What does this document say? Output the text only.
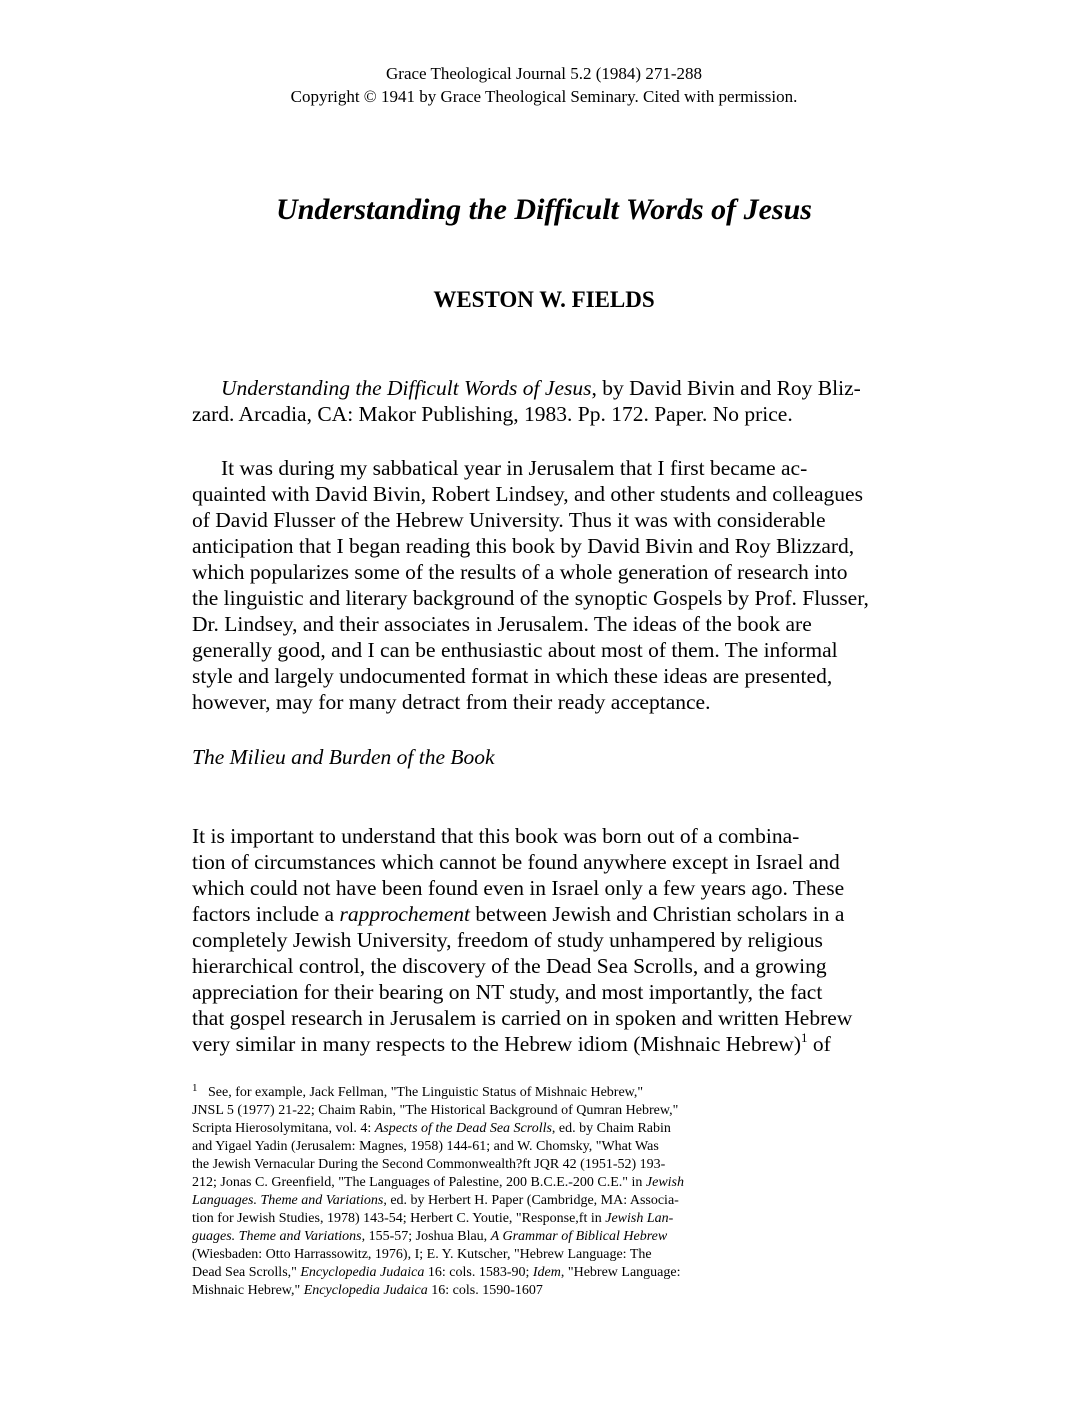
Grace Theological Journal 5.2 (1984) 271-288
Copyright © 1941 by Grace Theological Seminary. Cited with permission.
Understanding the Difficult Words of Jesus
WESTON W. FIELDS
Understanding the Difficult Words of Jesus, by David Bivin and Roy Bliz-
zard. Arcadia, CA: Makor Publishing, 1983. Pp. 172. Paper. No price.
It was during my sabbatical year in Jerusalem that I first became ac-
quainted with David Bivin, Robert Lindsey, and other students and colleagues
of David Flusser of the Hebrew University. Thus it was with considerable
anticipation that I began reading this book by David Bivin and Roy Blizzard,
which popularizes some of the results of a whole generation of research into
the linguistic and literary background of the synoptic Gospels by Prof. Flusser,
Dr. Lindsey, and their associates in Jerusalem. The ideas of the book are
generally good, and I can be enthusiastic about most of them. The informal
style and largely undocumented format in which these ideas are presented,
however, may for many detract from their ready acceptance.
The Milieu and Burden of the Book
It is important to understand that this book was born out of a combina-
tion of circumstances which cannot be found anywhere except in Israel and
which could not have been found even in Israel only a few years ago. These
factors include a rapprochement between Jewish and Christian scholars in a
completely Jewish University, freedom of study unhampered by religious
hierarchical control, the discovery of the Dead Sea Scrolls, and a growing
appreciation for their bearing on NT study, and most importantly, the fact
that gospel research in Jerusalem is carried on in spoken and written Hebrew
very similar in many respects to the Hebrew idiom (Mishnaic Hebrew)$^1$ of
$^1$ See, for example, Jack Fellman, "The Linguistic Status of Mishnaic Hebrew,"
JNSL 5 (1977) 21-22; Chaim Rabin, "The Historical Background of Qumran Hebrew,"
Scripta Hierosolymitana, vol. 4: Aspects of the Dead Sea Scrolls, ed. by Chaim Rabin
and Yigael Yadin (Jerusalem: Magnes, 1958) 144-61; and W. Chomsky, "What Was
the Jewish Vernacular During the Second Commonwealth?ft JQR 42 (1951-52) 193-
212; Jonas C. Greenfield, "The Languages of Palestine, 200 B.C.E.-200 C.E." in Jewish
Languages. Theme and Variations, ed. by Herbert H. Paper (Cambridge, MA: Associa-
tion for Jewish Studies, 1978) 143-54; Herbert C. Youtie, "Response,ft in Jewish Lan-
guages. Theme and Variations, 155-57; Joshua Blau, A Grammar of Biblical Hebrew
(Wiesbaden: Otto Harrassowitz, 1976), I; E. Y. Kutscher, "Hebrew Language: The
Dead Sea Scrolls," Encyclopedia Judaica 16: cols. 1583-90; Idem, "Hebrew Language:
Mishnaic Hebrew," Encyclopedia Judaica 16: cols. 1590-1607
